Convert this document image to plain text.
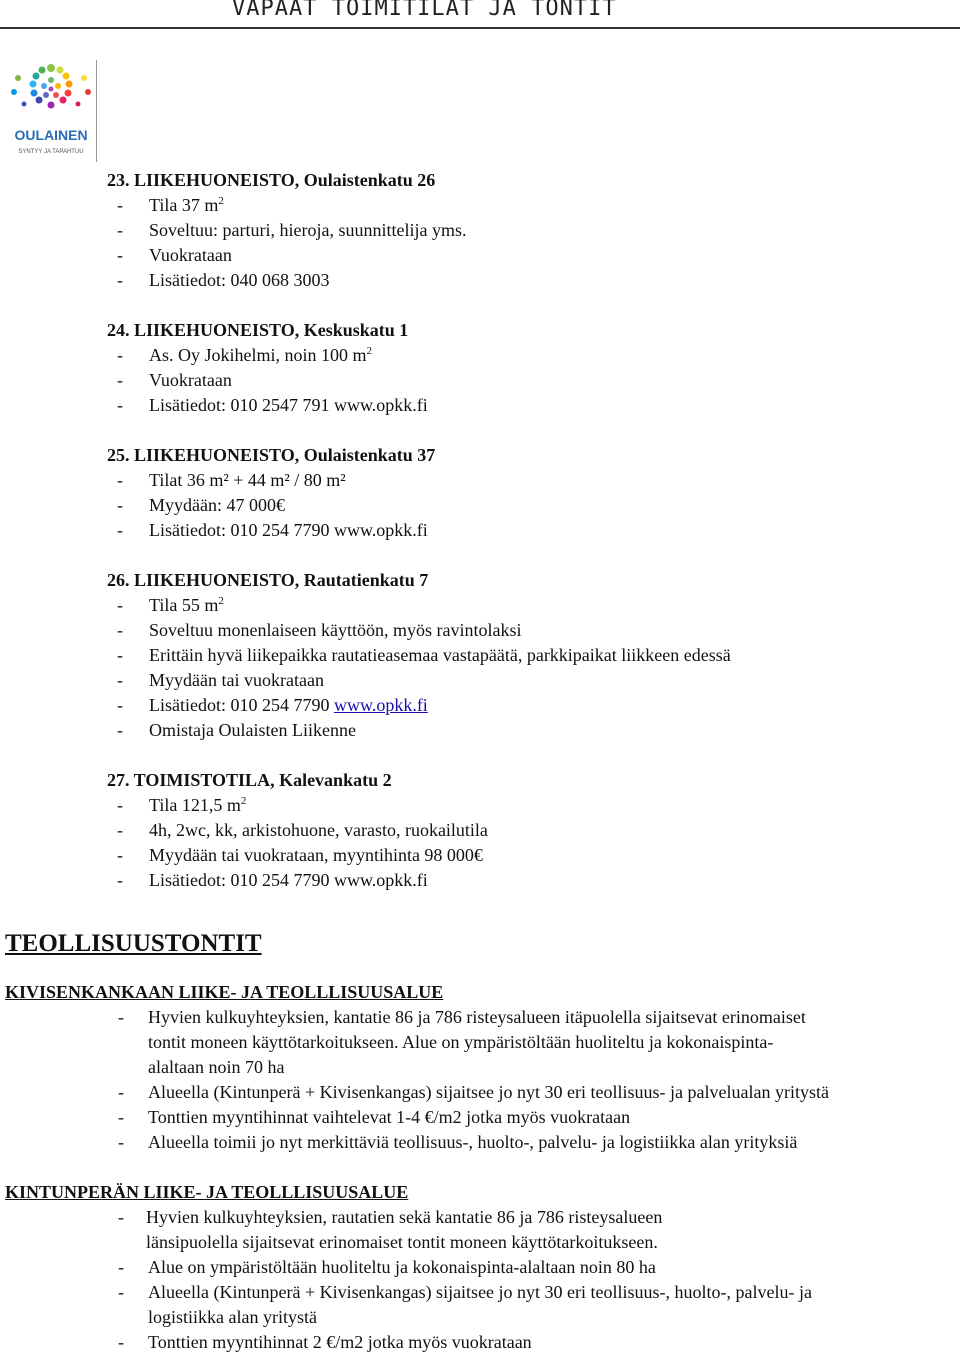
VAPAAT TOIMITILAT JA TONTIT
OULAINEN
SYNTYY JA TAPAHTUU
23. LIIKEHUONEISTO, Oulaistenkatu 26
- Tila 37 $m^2$
- Soveltuu: parturi, hieroja, suunnittelija yms.
- Vuokrataan
- Lisätiedot: 040 068 3003
24. LIIKEHUONEISTO, Keskuskatu 1
- As. Oy Jokihelmi, noin 100 $m^2$
- Vuokrataan
- Lisätiedot: 010 2547 791 www.opkk.fi
25. LIIKEHUONEISTO, Oulaistenkatu 37
- Tilat 36 m² + 44 m² / 80 m²
- Myydään: 47 000€
- Lisätiedot: 010 254 7790 www.opkk.fi
26. LIIKEHUONEISTO, Rautatienkatu 7
- Tila 55 $m^2$
- Soveltuu monenlaiseen käyttöön, myös ravintolaksi
- Erittäin hyvä liikepaikka rautatieasemaa vastapäätä, parkkipaikat liikkeen edessä
- Myydään tai vuokrataan
- Lisätiedot: 010 254 7790 www.opkk.fi
- Omistaja Oulaisten Liikenne
27. TOIMISTOTILA, Kalevankatu 2
- Tila 121,5 $m^2$
- 4h, 2wc, kk, arkistohuone, varasto, ruokailutila
- Myydään tai vuokrataan, myyntihinta 98 000€
- Lisätiedot: 010 254 7790 www.opkk.fi
TEOLLISUUSTONTIT
KIVISENKANKAAN LIIKE- JA TEOLLLISUUSALUE
- Hyvien kulkuyhteyksien, kantatie 86 ja 786 risteysalueen itäpuolella sijaitsevat erinomaiset
tontit moneen käyttötarkoitukseen. Alue on ympäristöltään huoliteltu ja kokonaispinta-
alaltaan noin 70 ha
- Alueella (Kintunperä + Kivisenkangas) sijaitsee jo nyt 30 eri teollisuus- ja palvelualan yritystä
- Tonttien myyntihinnat vaihtelevat 1-4 €/m2 jotka myös vuokrataan
- Alueella toimii jo nyt merkittäviä teollisuus-, huolto-, palvelu- ja logistiikka alan yrityksiä
KINTUNPERÄN LIIKE- JA TEOLLLISUUSALUE
- Hyvien kulkuyhteyksien, rautatien sekä kantatie 86 ja 786 risteysalueen
länsipuolella sijaitsevat erinomaiset tontit moneen käyttötarkoitukseen.
- Alue on ympäristöltään huoliteltu ja kokonaispinta-alaltaan noin 80 ha
- Alueella (Kintunperä + Kivisenkangas) sijaitsee jo nyt 30 eri teollisuus-, huolto-, palvelu- ja
logistiikka alan yritystä
- Tonttien myyntihinnat 2 €/m2 jotka myös vuokrataan
